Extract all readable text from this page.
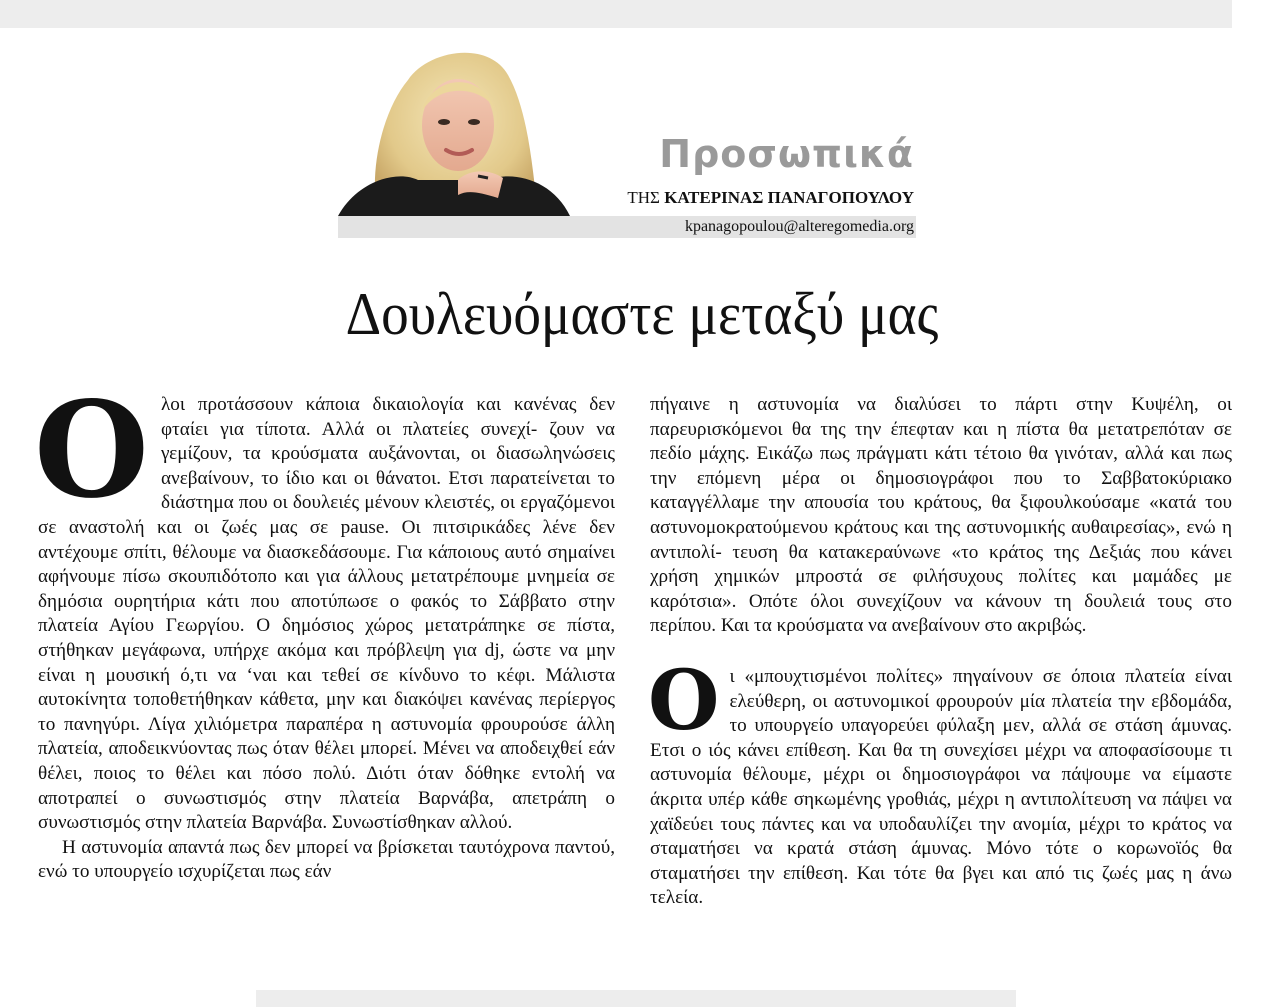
Προσωπικά
ΤΗΣ ΚΑΤΕΡΙΝΑΣ ΠΑΝΑΓΟΠΟΥΛΟΥ
kpanagopoulou@alteregomedia.org
Δουλευόμαστε μεταξύ μας

Ολοι προτάσσουν κάποια δικαιολογία και κανένας δεν φταίει για τίποτα. Αλλά οι πλατείες συνεχί- ζουν να γεμίζουν, τα κρούσματα αυξάνονται, οι διασωληνώσεις ανεβαίνουν, το ίδιο και οι θάνατοι. Ετσι παρατείνεται το διάστημα που οι δουλειές μένουν κλειστές, οι εργαζόμενοι σε αναστολή και οι ζωές μας σε pause. Οι πιτσιρικάδες λένε δεν αντέχουμε σπίτι, θέλουμε να διασκεδάσουμε. Για κάποιους αυτό σημαίνει αφήνουμε πίσω σκουπιδότοπο και για άλλους μετατρέπουμε μνημεία σε δημόσια ουρητήρια κάτι που αποτύπωσε ο φακός το Σάββατο στην πλατεία Αγίου Γεωργίου. Ο δημόσιος χώρος μετατράπηκε σε πίστα, στήθηκαν μεγάφωνα, υπήρχε ακόμα και πρόβλεψη για dj, ώστε να μην είναι η μουσική ό,τι να ‘ναι και τεθεί σε κίνδυνο το κέφι. Μάλιστα αυτοκίνητα τοποθετήθηκαν κάθετα, μην και διακόψει κανένας περίεργος το πανηγύρι. Λίγα χιλιόμετρα παραπέρα η αστυνομία φρουρούσε άλλη πλατεία, αποδεικνύοντας πως όταν θέλει μπορεί. Μένει να αποδειχθεί εάν θέλει, ποιος το θέλει και πόσο πολύ. Διότι όταν δόθηκε εντολή να αποτραπεί ο συνωστισμός στην πλατεία Βαρνάβα, απετράπη ο συνωστισμός στην πλατεία Βαρνάβα. Συνωστίσθηκαν αλλού.

Η αστυνομία απαντά πως δεν μπορεί να βρίσκεται ταυτόχρονα παντού, ενώ το υπουργείο ισχυρίζεται πως εάν

πήγαινε η αστυνομία να διαλύσει το πάρτι στην Κυψέλη, οι παρευρισκόμενοι θα της την έπεφταν και η πίστα θα μετατρεπόταν σε πεδίο μάχης. Εικάζω πως πράγματι κάτι τέτοιο θα γινόταν, αλλά και πως την επόμενη μέρα οι δημοσιογράφοι που το Σαββατοκύριακο καταγγέλλαμε την απουσία του κράτους, θα ξιφουλκούσαμε «κατά του αστυνομοκρατούμενου κράτους και της αστυνομικής αυθαιρεσίας», ενώ η αντιπολί- τευση θα κατακεραύνωνε «το κράτος της Δεξιάς που κάνει χρήση χημικών μπροστά σε φιλήσυχους πολίτες και μαμάδες με καρότσια». Οπότε όλοι συνεχίζουν να κάνουν τη δουλειά τους στο περίπου. Και τα κρούσματα να ανεβαίνουν στο ακριβώς.

Οι «μπουχτισμένοι πολίτες» πηγαίνουν σε όποια πλατεία είναι ελεύθερη, οι αστυνομικοί φρουρούν μία πλατεία την εβδομάδα, το υπουργείο υπαγορεύει φύλαξη μεν, αλλά σε στάση άμυνας. Ετσι ο ιός κάνει επίθεση. Και θα τη συνεχίσει μέχρι να αποφασίσουμε τι αστυνομία θέλουμε, μέχρι οι δημοσιογράφοι να πάψουμε να είμαστε άκριτα υπέρ κάθε σηκωμένης γροθιάς, μέχρι η αντιπολίτευση να πάψει να χαϊδεύει τους πάντες και να υποδαυλίζει την ανομία, μέχρι το κράτος να σταματήσει να κρατά στάση άμυνας. Μόνο τότε ο κορωνοϊός θα σταματήσει την επίθεση. Και τότε θα βγει και από τις ζωές μας η άνω τελεία.
